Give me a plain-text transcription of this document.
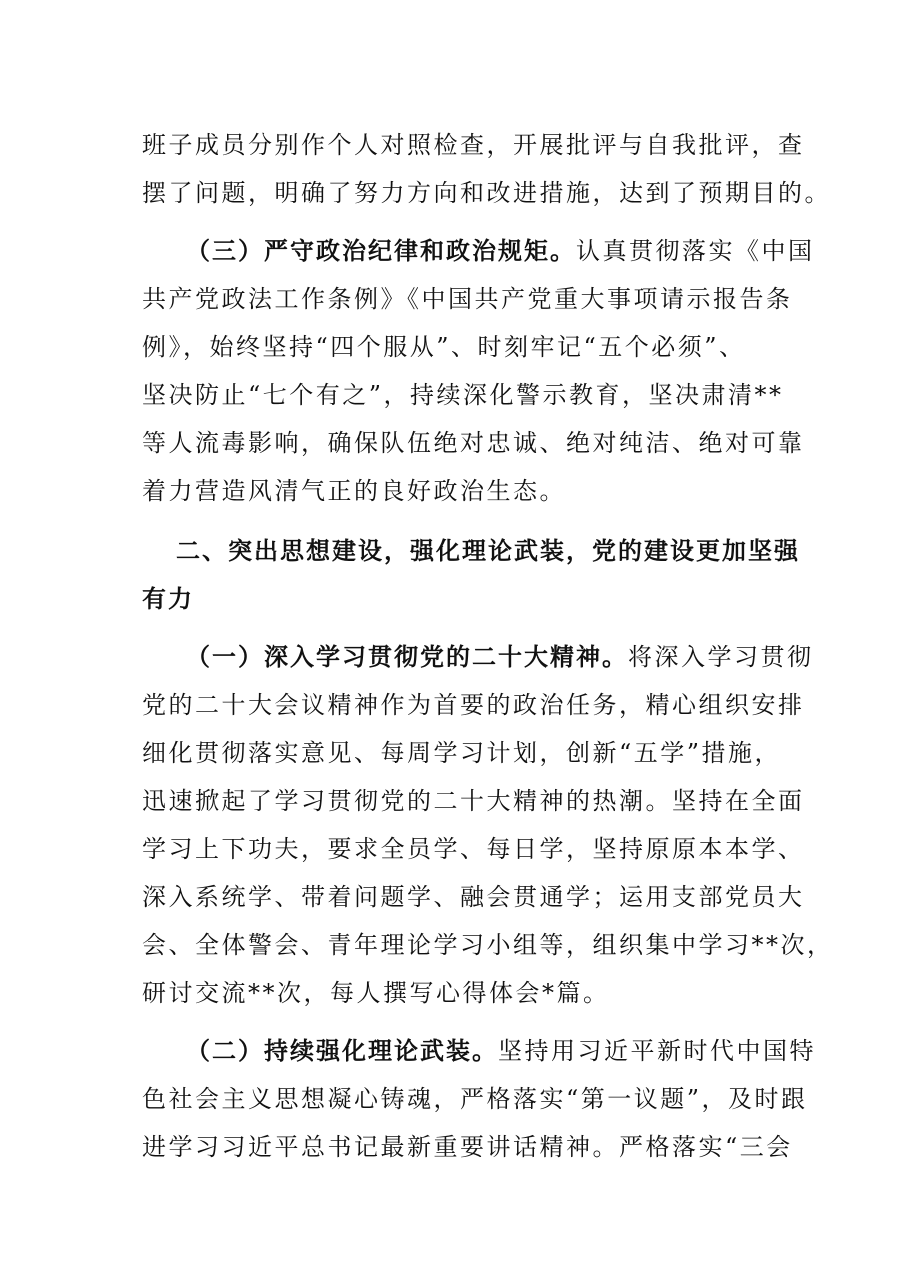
班子成员分别作个人对照检查，开展批评与自我批评，查
摆了问题，明确了努力方向和改进措施，达到了预期目的。
（三）严守政治纪律和政治规矩。认真贯彻落实《中国
共产党政法工作条例》《中国共产党重大事项请示报告条
例》，始终坚持“四个服从”、时刻牢记“五个必须”、
坚决防止“七个有之”，持续深化警示教育，坚决肃清**
等人流毒影响，确保队伍绝对忠诚、绝对纯洁、绝对可靠
着力营造风清气正的良好政治生态。
二、突出思想建设，强化理论武装，党的建设更加坚强
有力
（一）深入学习贯彻党的二十大精神。将深入学习贯彻
党的二十大会议精神作为首要的政治任务，精心组织安排
细化贯彻落实意见、每周学习计划，创新“五学”措施，
迅速掀起了学习贯彻党的二十大精神的热潮。坚持在全面
学习上下功夫，要求全员学、每日学，坚持原原本本学、
深入系统学、带着问题学、融会贯通学；运用支部党员大
会、全体警会、青年理论学习小组等，组织集中学习**次，
研讨交流**次，每人撰写心得体会*篇。
（二）持续强化理论武装。坚持用习近平新时代中国特
色社会主义思想凝心铸魂，严格落实“第一议题”，及时跟
进学习习近平总书记最新重要讲话精神。严格落实“三会
